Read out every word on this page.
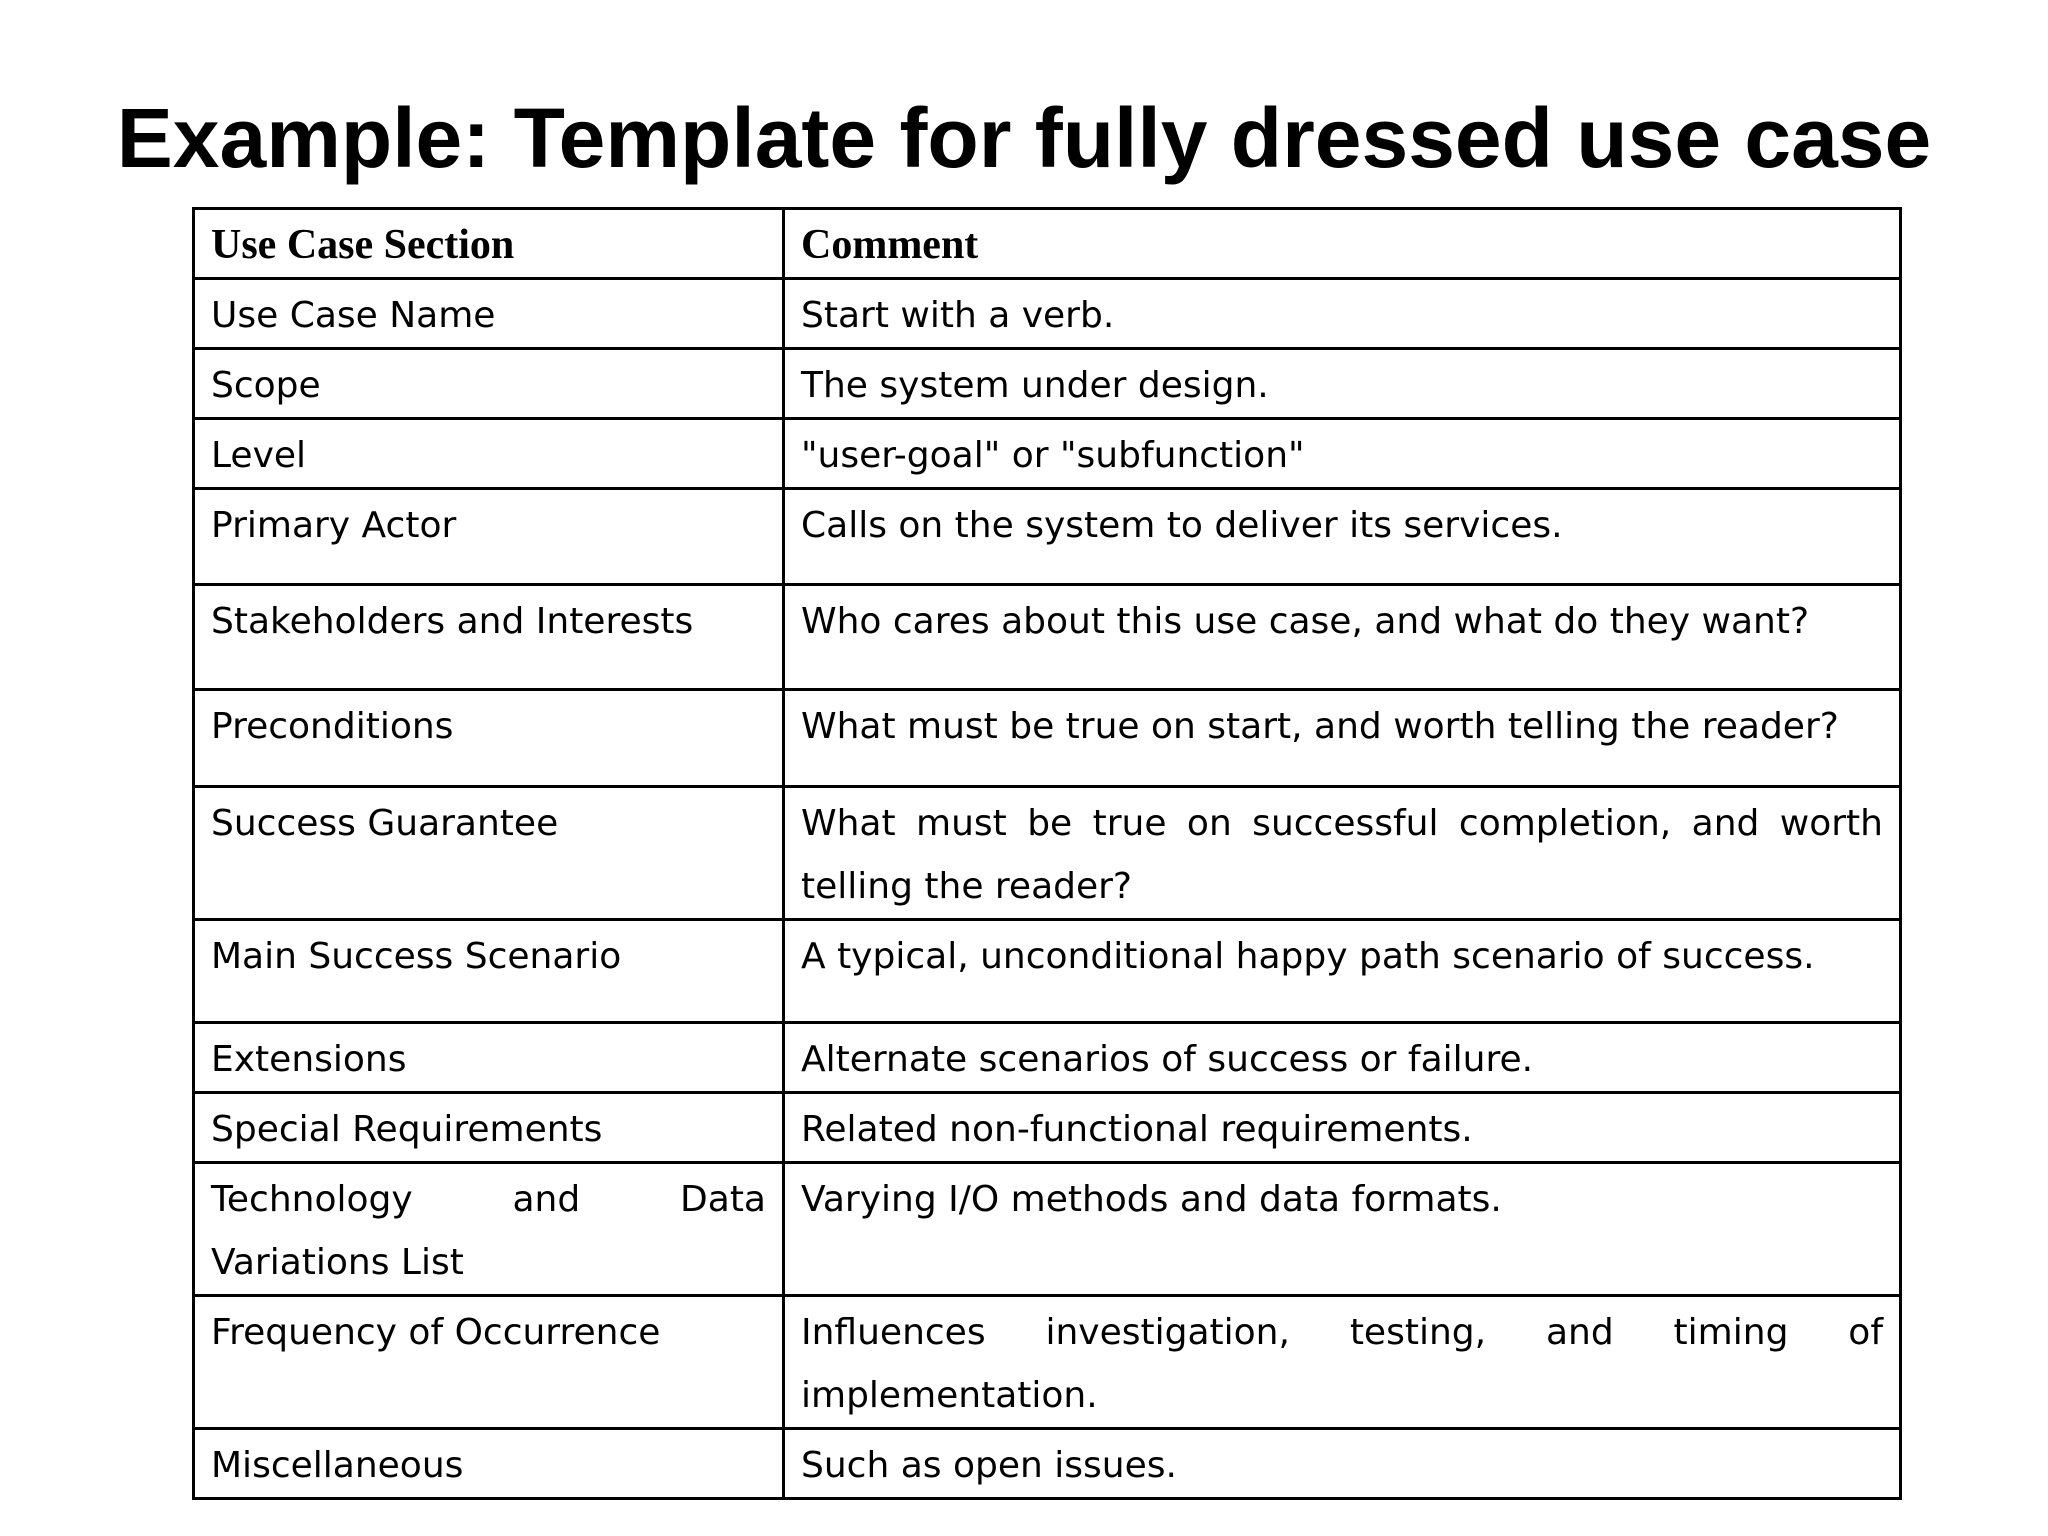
Example: Template for fully dressed use case
Use Case Section	Comment
Use Case Name	Start with a verb.
Scope	The system under design.
Level	"user-goal" or "subfunction"
Primary Actor	Calls on the system to deliver its services.
Stakeholders and Interests	Who cares about this use case, and what do they want?
Preconditions	What must be true on start, and worth telling the reader?
Success Guarantee	What must be true on successful completion, and worth telling the reader?
Main Success Scenario	A typical, unconditional happy path scenario of success.
Extensions	Alternate scenarios of success or failure.
Special Requirements	Related non-functional requirements.
Technology and Data Variations List	Varying I/O methods and data formats.
Frequency of Occurrence	Influences investigation, testing, and timing of implementation.
Miscellaneous	Such as open issues.
